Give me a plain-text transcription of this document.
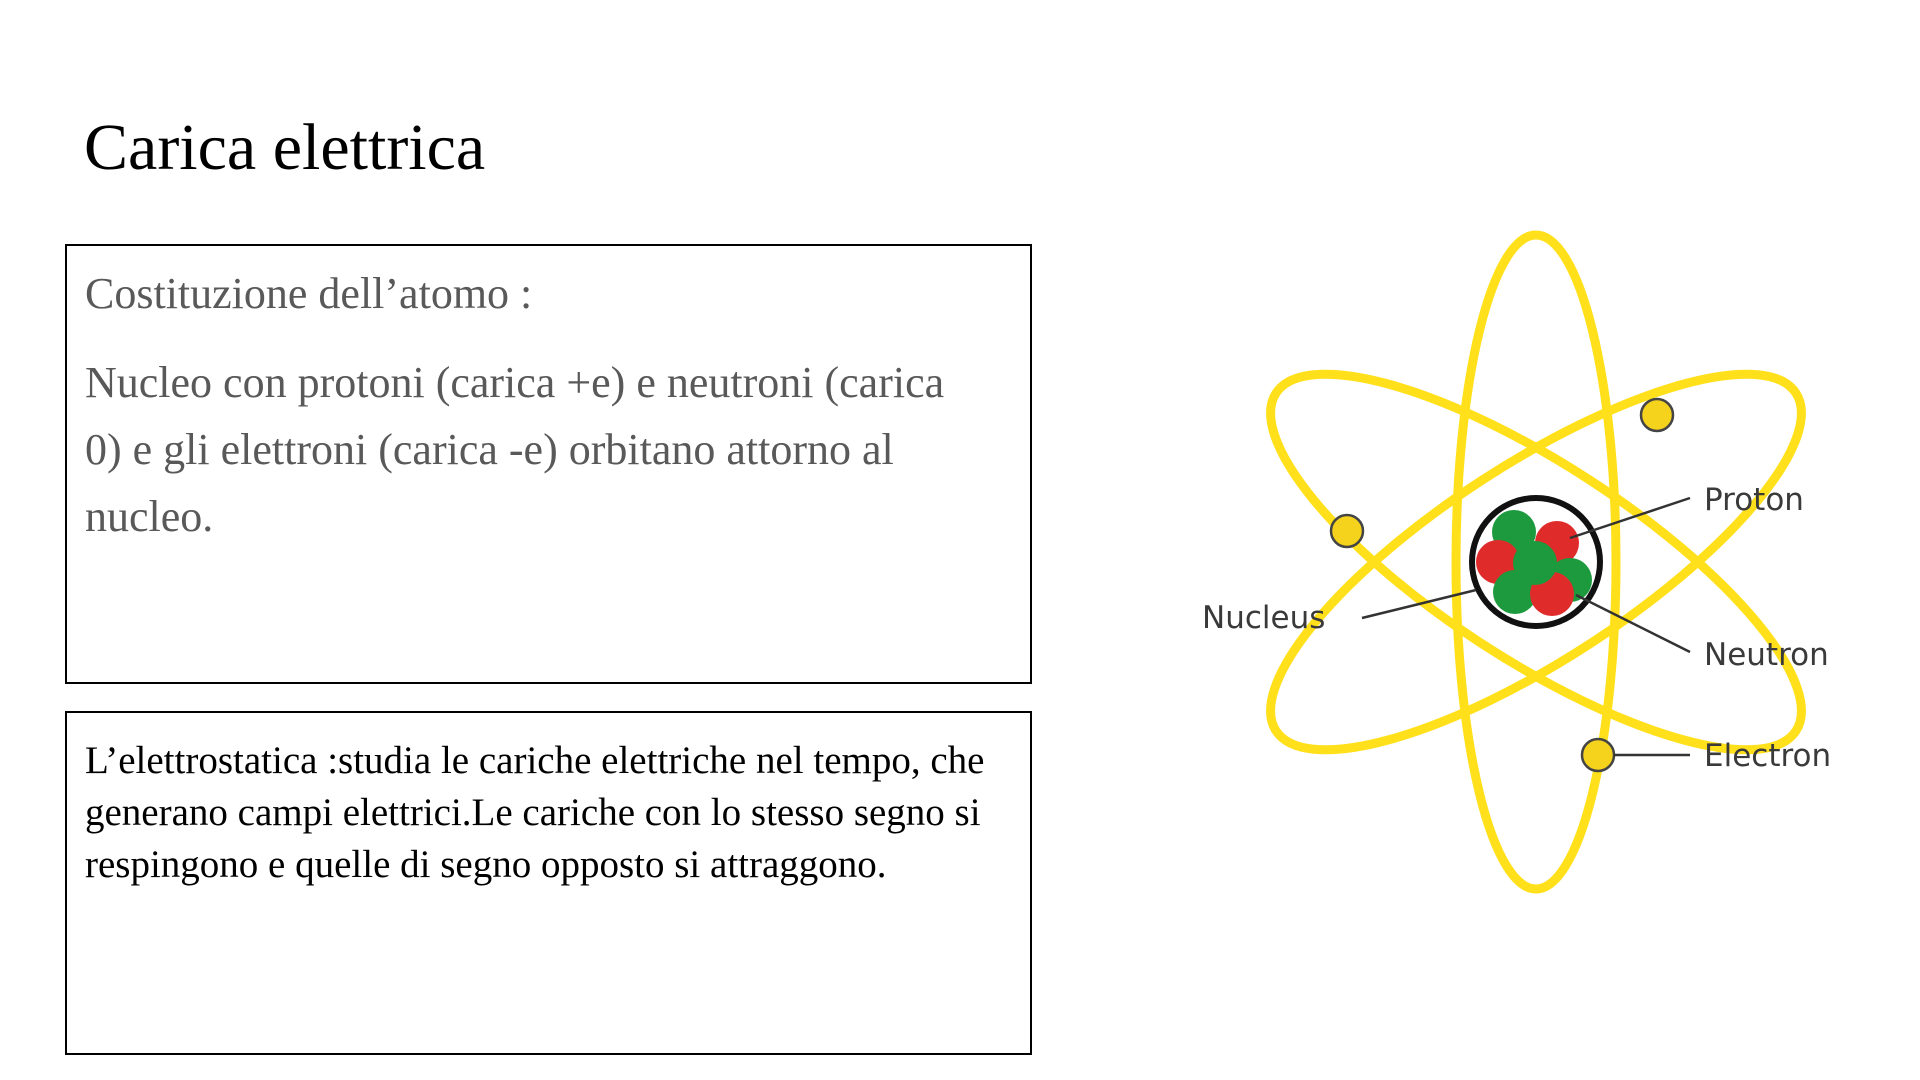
Carica elettrica

Costituzione dell’atomo :

Nucleo con protoni (carica +e) e neutroni (carica 0) e gli elettroni (carica -e) orbitano attorno al nucleo.

L’elettrostatica :studia le cariche elettriche nel tempo, che generano campi elettrici.Le cariche con lo stesso segno si respingono e quelle di segno opposto si attraggono.

Proton
Nucleus
Neutron
Electron
